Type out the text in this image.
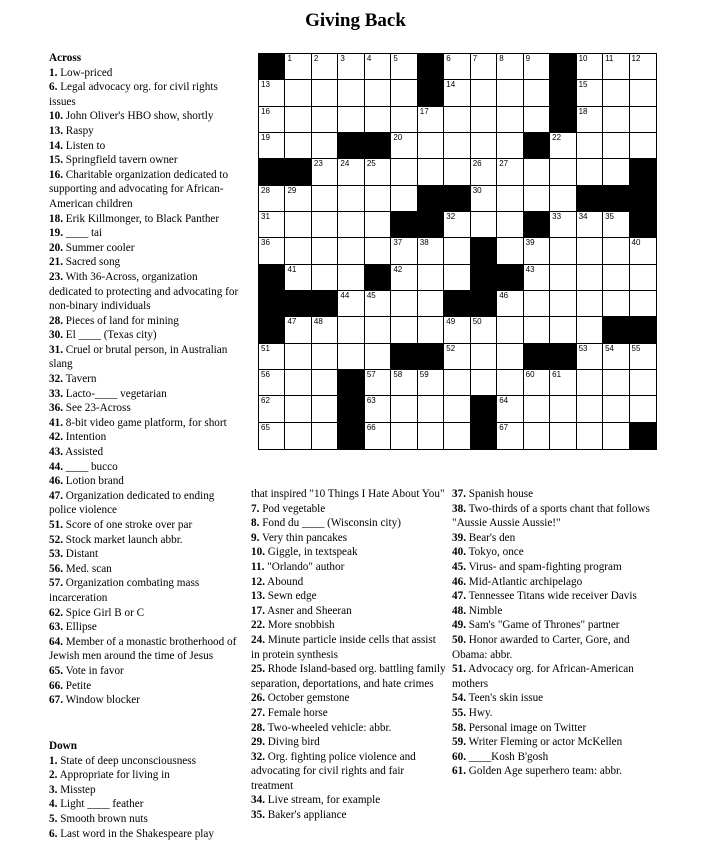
Giving Back
Across
1. Low-priced
6. Legal advocacy org. for civil rights issues
10. John Oliver's HBO show, shortly
13. Raspy
14. Listen to
15. Springfield tavern owner
16. Charitable organization dedicated to supporting and advocating for African-American children
18. Erik Killmonger, to Black Panther
19. ____ tai
20. Summer cooler
21. Sacred song
23. With 36-Across, organization dedicated to protecting and advocating for non-binary individuals
28. Pieces of land for mining
30. El ____ (Texas city)
31. Cruel or brutal person, in Australian slang
32. Tavern
33. Lacto-____ vegetarian
36. See 23-Across
41. 8-bit video game platform, for short
42. Intention
43. Assisted
44. ____ bucco
46. Lotion brand
47. Organization dedicated to ending police violence
51. Score of one stroke over par
52. Stock market launch abbr.
53. Distant
56. Med. scan
57. Organization combating mass incarceration
62. Spice Girl B or C
63. Ellipse
64. Member of a monastic brotherhood of Jewish men around the time of Jesus
65. Vote in favor
66. Petite
67. Window blocker
Down
1. State of deep unconsciousness
2. Appropriate for living in
3. Misstep
4. Light ____ feather
5. Smooth brown nuts
6. Last word in the Shakespeare play
that inspired "10 Things I Hate About You"
7. Pod vegetable
8. Fond du ____ (Wisconsin city)
9. Very thin pancakes
10. Giggle, in textspeak
11. "Orlando" author
12. Abound
13. Sewn edge
17. Asner and Sheeran
22. More snobbish
24. Minute particle inside cells that assist in protein synthesis
25. Rhode Island-based org. battling family separation, deportations, and hate crimes
26. October gemstone
27. Female horse
28. Two-wheeled vehicle: abbr.
29. Diving bird
32. Org. fighting police violence and advocating for civil rights and fair treatment
34. Live stream, for example
35. Baker's appliance
37. Spanish house
38. Two-thirds of a sports chant that follows "Aussie Aussie Aussie!"
39. Bear's den
40. Tokyo, once
45. Virus- and spam-fighting program
46. Mid-Atlantic archipelago
47. Tennessee Titans wide receiver Davis
48. Nimble
49. Sam's "Game of Thrones" partner
50. Honor awarded to Carter, Gore, and Obama: abbr.
51. Advocacy org. for African-American mothers
54. Teen's skin issue
55. Hwy.
58. Personal image on Twitter
59. Writer Fleming or actor McKellen
60. ____Kosh B'gosh
61. Golden Age superhero team: abbr.
1	2	3	4	5	6	7	8	9	10 11 12
13	14	15
16	17	18
19	20	21 22
23 24 25	26 27
28 29	30
31	32	33 34 35
36	37 38	39	40
41	42	43
44 45	46
47 48	49 50
51	52	53 54 55
56	57 58 59	60 61
62	63	64
65	66	67
